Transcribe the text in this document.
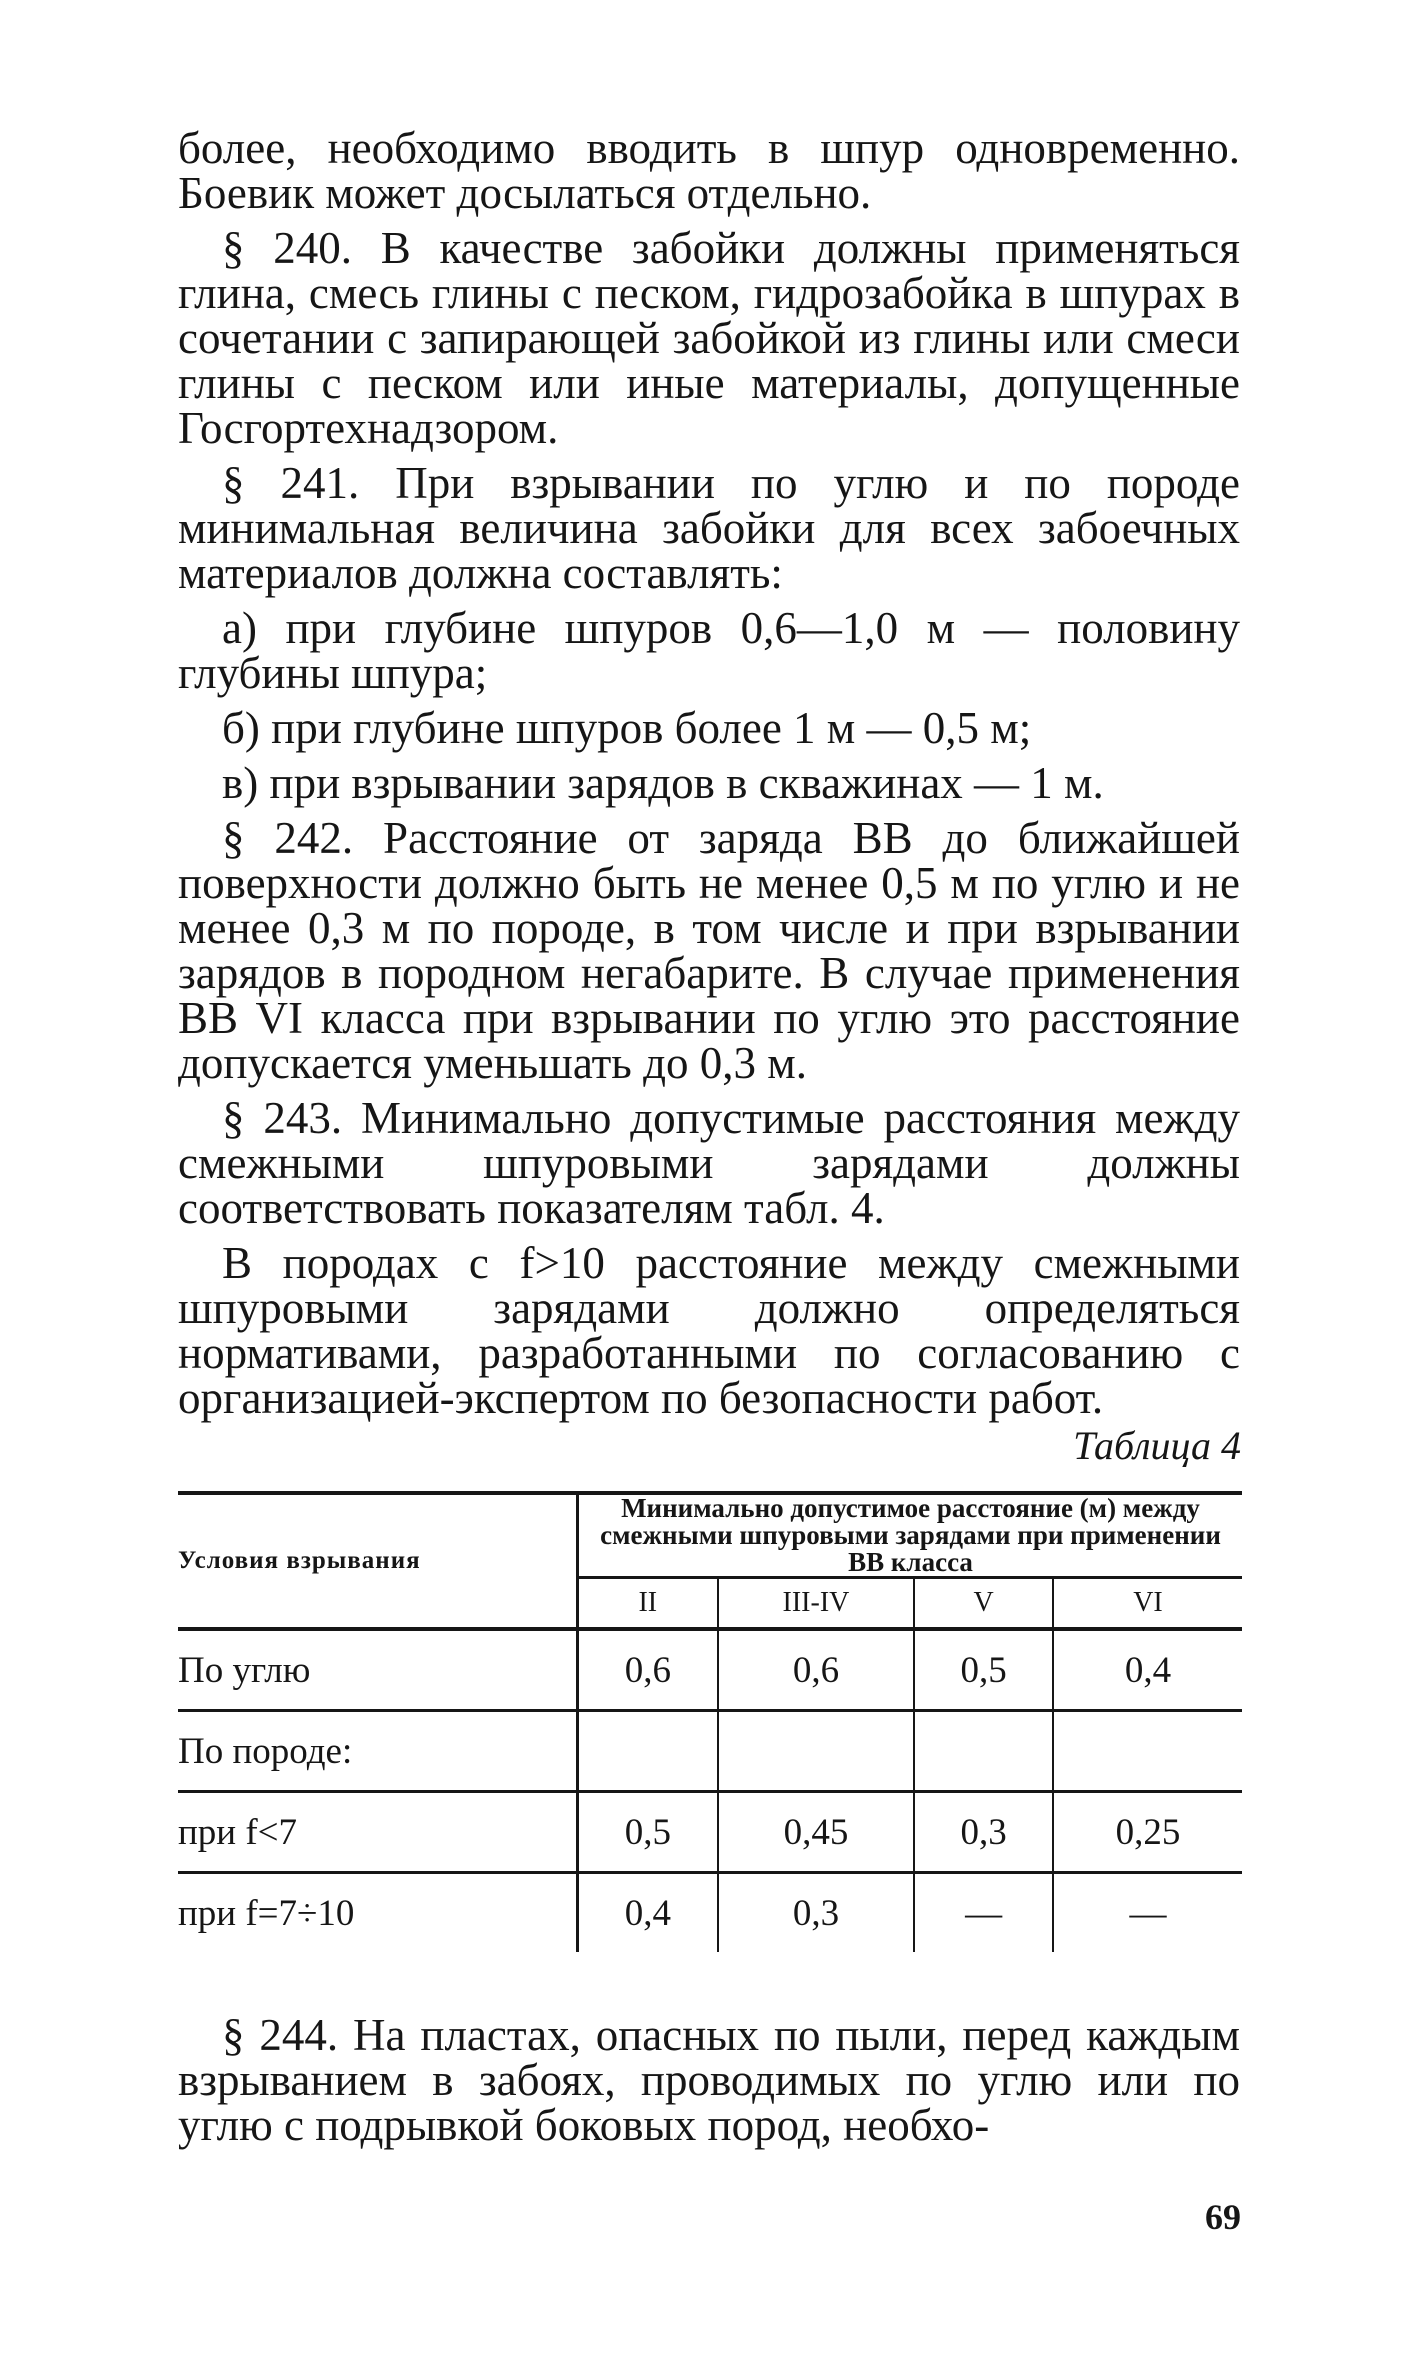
более, необходимо вводить в шпур одновременно. Боевик может досылаться отдельно.

§ 240. В качестве забойки должны применяться глина, смесь глины с песком, гидрозабойка в шпурах в сочетании с запирающей забойкой из глины или смеси глины с песком или иные материалы, допущенные Госгортехнадзором.

§ 241. При взрывании по углю и по породе минимальная величина забойки для всех забоечных материалов должна составлять:

а) при глубине шпуров 0,6—1,0 м — половину глубины шпура;

б) при глубине шпуров более 1 м — 0,5 м;

в) при взрывании зарядов в скважинах — 1 м.

§ 242. Расстояние от заряда ВВ до ближайшей поверхности должно быть не менее 0,5 м по углю и не менее 0,3 м по породе, в том числе и при взрывании зарядов в породном негабарите. В случае применения ВВ VI класса при взрывании по углю это расстояние допускается уменьшать до 0,3 м.

§ 243. Минимально допустимые расстояния между смежными шпуровыми зарядами должны соответствовать показателям табл. 4.

В породах с f>10 расстояние между смежными шпуровыми зарядами должно определяться нормативами, разработанными по согласованию с организацией-экспертом по безопасности работ.

Таблица 4
Условия взрывания	Минимально допустимое расстояние (м) между смежными шпуровыми зарядами при применении ВВ класса			
	II	III-IV	V	VI
По углю	0,6	0,6	0,5	0,4
По породе:				
при f<7	0,5	0,45	0,3	0,25
при f=7÷10	0,4	0,3	—	—

§ 244. На пластах, опасных по пыли, перед каждым взрыванием в забоях, проводимых по углю или по углю с подрывкой боковых пород, необхо-

69
